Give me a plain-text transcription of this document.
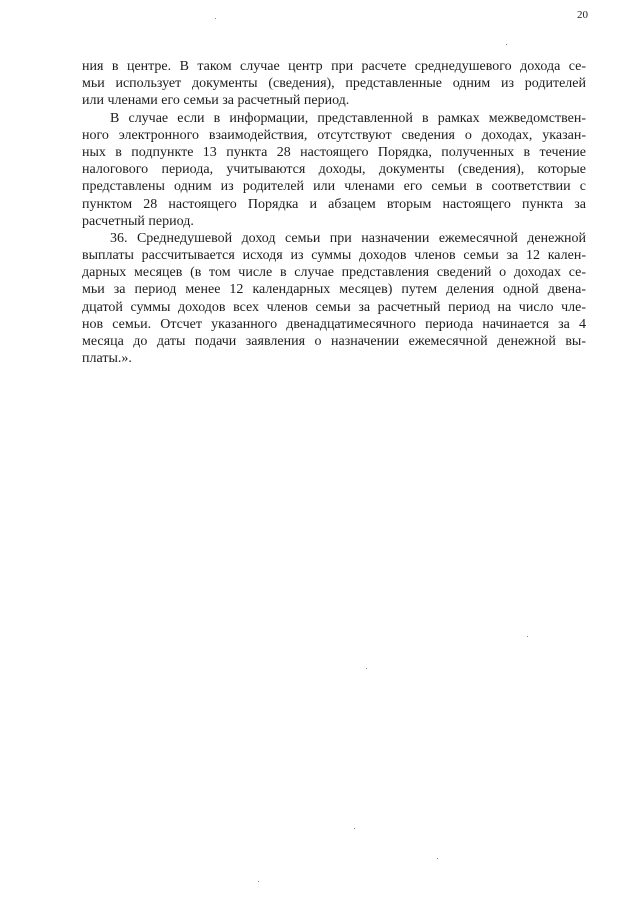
20
ния в центре. В таком случае центр при расчете среднедушевого дохода се-
мьи использует документы (сведения), представленные одним из родителей
или членами его семьи за расчетный период.
В случае если в информации, представленной в рамках межведомствен-
ного электронного взаимодействия, отсутствуют сведения о доходах, указан-
ных в подпункте 13 пункта 28 настоящего Порядка, полученных в течение
налогового периода, учитываются доходы, документы (сведения), которые
представлены одним из родителей или членами его семьи в соответствии с
пунктом 28 настоящего Порядка и абзацем вторым настоящего пункта за
расчетный период.
36. Среднедушевой доход семьи при назначении ежемесячной денежной
выплаты рассчитывается исходя из суммы доходов членов семьи за 12 кален-
дарных месяцев (в том числе в случае представления сведений о доходах се-
мьи за период менее 12 календарных месяцев) путем деления одной двена-
дцатой суммы доходов всех членов семьи за расчетный период на число чле-
нов семьи. Отсчет указанного двенадцатимесячного периода начинается за 4
месяца до даты подачи заявления о назначении ежемесячной денежной вы-
платы.».
